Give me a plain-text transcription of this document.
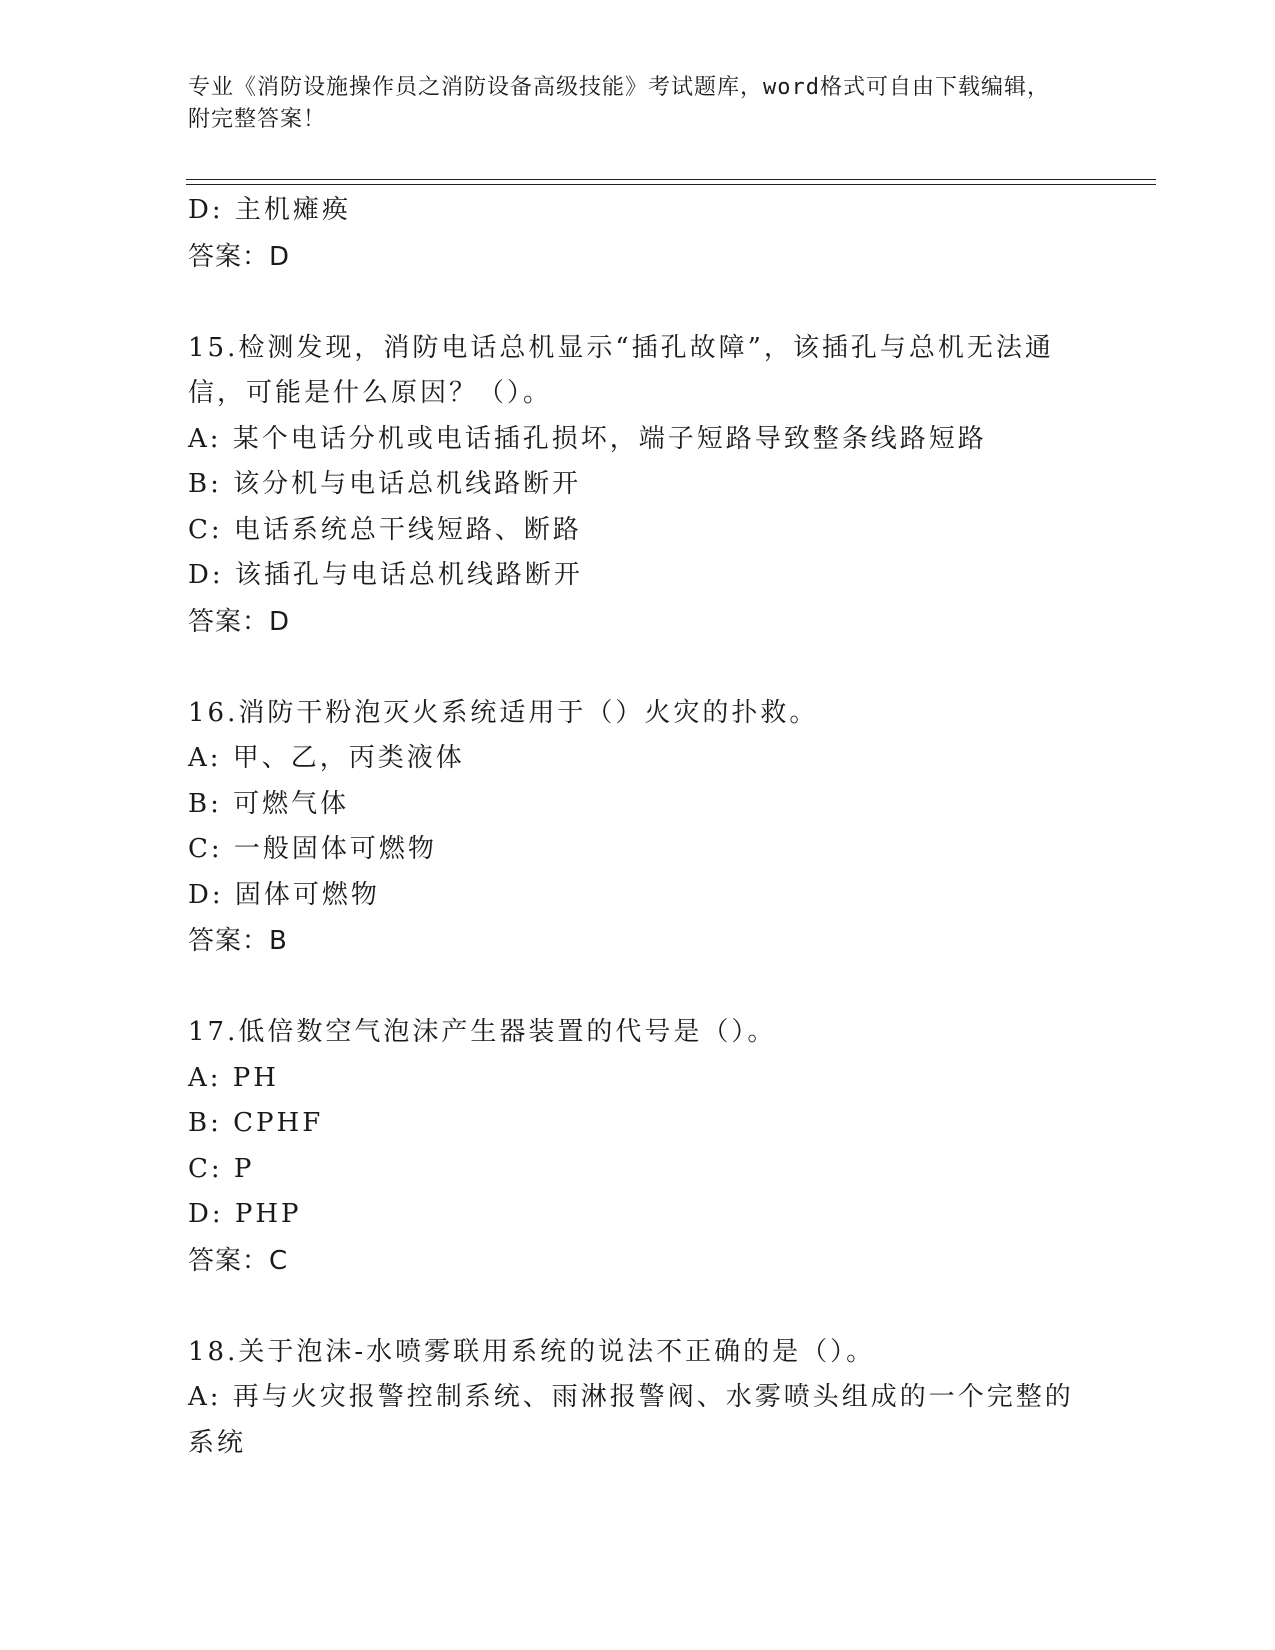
专业《消防设施操作员之消防设备高级技能》考试题库，word格式可自由下载编辑，附完整答案！
D: 主机瘫痪
答案：D
15.检测发现，消防电话总机显示“插孔故障”，该插孔与总机无法通信，可能是什么原因？（）。
A: 某个电话分机或电话插孔损坏，端子短路导致整条线路短路
B: 该分机与电话总机线路断开
C: 电话系统总干线短路、断路
D: 该插孔与电话总机线路断开
答案：D
16.消防干粉泡灭火系统适用于（）火灾的扑救。
A: 甲、乙，丙类液体
B: 可燃气体
C: 一般固体可燃物
D: 固体可燃物
答案：B
17.低倍数空气泡沫产生器装置的代号是（）。
A: PH
B: CPHF
C: P
D: PHP
答案：C
18.关于泡沫-水喷雾联用系统的说法不正确的是（）。
A: 再与火灾报警控制系统、雨淋报警阀、水雾喷头组成的一个完整的系统
